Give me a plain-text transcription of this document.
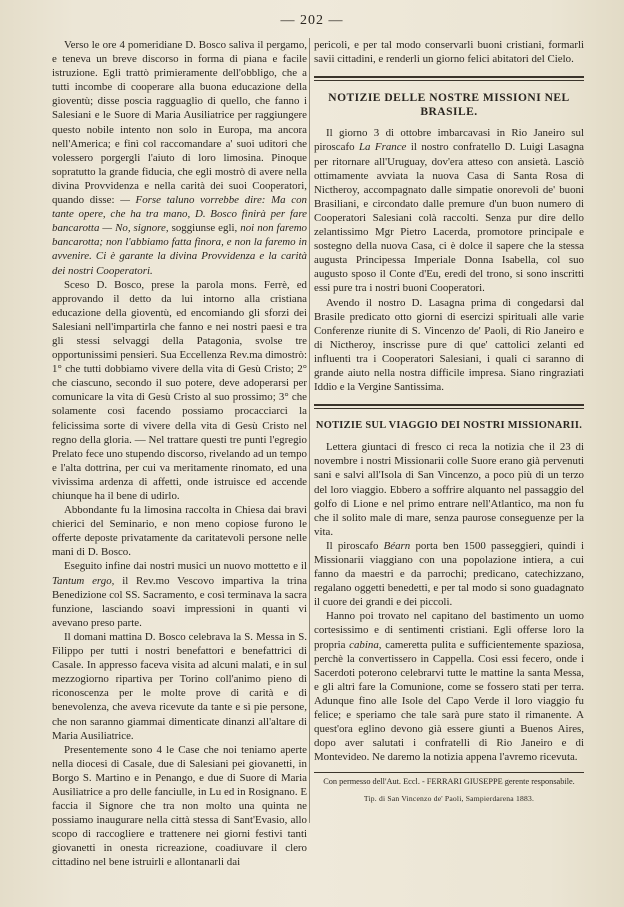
— 202 —

Verso le ore 4 pomeridiane D. Bosco saliva il pergamo, e teneva un breve discorso in forma di piana e facile istruzione. Egli trattò primieramente dell'obbligo, che a tutti incombe di cooperare alla buona educazione della gioventù; disse poscia ragguaglio di quello, che fanno i Salesiani e le Suore di Maria Ausiliatrice per raggiungere questo nobile intento non solo in Europa, ma ancora nell'America; e finì col raccomandare a' suoi uditori che volessero porgergli l'aiuto di loro limosina. Pinoque sopratutto la grande fiducia, che egli mostrò di avere nella divina Provvidenza e nella carità dei suoi Cooperatori, quando disse: — Forse taluno vorrebbe dire: Ma con tante opere, che ha tra mano, D. Bosco finirà per fare bancarotta — No, signore, soggiunse egli, noi non faremo bancarotta; non l'abbiamo fatta finora, e non la faremo in avvenire. Ci è garante la divina Provvidenza e la carità dei nostri Cooperatori.

Sceso D. Bosco, prese la parola mons. Ferrè, ed approvando il detto da lui intorno alla cristiana educazione della gioventù, ed encomiando gli sforzi dei Salesiani nell'impartirla che fanno e nei nostri paesi e tra gli stessi selvaggi della Patagonia, svolse tre opportunissimi pensieri. Sua Eccellenza Rev.ma dimostrò: 1° che tutti dobbiamo vivere della vita di Gesù Cristo; 2° che ciascuno, secondo il suo potere, deve adoperarsi per comunicare la vita di Gesù Cristo al suo prossimo; 3° che solamente così facendo possiamo procacciarci la felicissima sorte di vivere della vita di Gesù Cristo nel regno della gloria. — Nel trattare questi tre punti l'egregio Prelato fece uno stupendo discorso, rivelando ad un tempo e l'alta dottrina, per cui va meritamente rinomato, ed una vivissima ardenza di affetti, onde istruisce ed accende chiunque ha il bene di udirlo.

Abbondante fu la limosina raccolta in Chiesa dai bravi chierici del Seminario, e non meno copiose furono le offerte deposte privatamente da caritatevoli persone nelle mani di D. Bosco.

Eseguito infine dai nostri musici un nuovo mottetto e il Tantum ergo, il Rev.mo Vescovo impartiva la trina Benedizione col SS. Sacramento, e così terminava la sacra funzione, lasciando soavi impressioni in quanti vi avevano preso parte.

Il domani mattina D. Bosco celebrava la S. Messa in S. Filippo per tutti i nostri benefattori e benefattrici di Casale. In appresso faceva visita ad alcuni malati, e in sul mezzogiorno ripartiva per Torino coll'animo pieno di riconoscenza per le molte prove di carità e di benevolenza, che aveva ricevute da tante e sì pie persone, che non saranno giammai dimenticate dinanzi all'altare di Maria Ausiliatrice.

Presentemente sono 4 le Case che noi teniamo aperte nella diocesi di Casale, due di Salesiani pei giovanetti, in Borgo S. Martino e in Penango, e due di Suore di Maria Ausiliatrice a pro delle fanciulle, in Lu ed in Rosignano. E faccia il Signore che tra non molto una quinta ne possiamo inaugurare nella città stessa di Sant'Evasio, allo scopo di raccogliere e trattenere nei giorni festivi tanti giovanetti in onesta ricreazione, coadiuvare il clero cittadino nel bene istruirli e allontanarli dai

pericoli, e per tal modo conservarli buoni cristiani, formarli savii cittadini, e renderli un giorno felici abitatori del Cielo.

NOTIZIE DELLE NOSTRE MISSIONI NEL BRASILE.

Il giorno 3 di ottobre imbarcavasi in Rio Janeiro sul piroscafo La France il nostro confratello D. Luigi Lasagna per ritornare all'Uruguay, dov'era atteso con ansietà. Lasciò ottimamente avviata la nuova Casa di Santa Rosa di Nictheroy, accompagnato dalle simpatie onorevoli de' buoni Brasiliani, e circondato dalle premure d'un buon numero di Cooperatori Salesiani colà raccolti. Senza pur dire dello zelantissimo Mgr Pietro Lacerda, promotore principale e sostegno della nuova Casa, ci è dolce il sapere che la stessa augusta Principessa Imperiale Donna Isabella, col suo augusto sposo il Conte d'Eu, eredi del trono, si sono inscritti essi pure tra i nostri buoni Cooperatori.

Avendo il nostro D. Lasagna prima di congedarsi dal Brasile predicato otto giorni di esercizi spirituali alle varie Conferenze riunite di S. Vincenzo de' Paoli, di Rio Janeiro e di Nictheroy, inscrisse pure di que' cattolici zelanti ed influenti tra i Cooperatori Salesiani, i quali ci saranno di grande aiuto nella nostra difficile impresa. Siano ringraziati Iddio e la Vergine Santissima.

NOTIZIE SUL VIAGGIO DEI NOSTRI MISSIONARII.

Lettera giuntaci di fresco ci reca la notizia che il 23 di novembre i nostri Missionarii colle Suore erano già pervenuti sani e salvi all'Isola di San Vincenzo, a poco più di un terzo del loro viaggio. Ebbero a soffrire alquanto nel passaggio del golfo di Lione e nel primo entrare nell'Atlantico, ma non fu che il solito male di mare, senza paurose conseguenze per la vita.

Il piroscafo Béarn porta ben 1500 passeggieri, quindi i Missionarii viaggiano con una popolazione intiera, a cui fanno da maestri e da parrochi; predicano, catechizzano, regalano oggetti benedetti, e per tal modo si sono guadagnato il cuore dei grandi e dei piccoli.

Hanno poi trovato nel capitano del bastimento un uomo cortesissimo e di sentimenti cristiani. Egli offerse loro la propria cabina, cameretta pulita e sufficientemente spaziosa, perchè la convertissero in Cappella. Così essi fecero, onde i Sacerdoti poterono celebrarvi tutte le mattine la santa Messa, e gli altri fare la Comunione, come se fossero stati per terra. Adunque fino alle Isole del Capo Verde il loro viaggio fu felice; e speriamo che tale sarà pure stato il rimanente. A quest'ora eglino devono già essere giunti a Buenos Aires, dopo aver salutati i confratelli di Rio Janeiro e di Montevideo. Ne daremo la notizia appena l'avremo ricevuta.

Con permesso dell'Aut. Eccl. - FERRARI GIUSEPPE gerente responsabile.

Tip. di San Vincenzo de' Paoli, Sampierdarena 1883.
